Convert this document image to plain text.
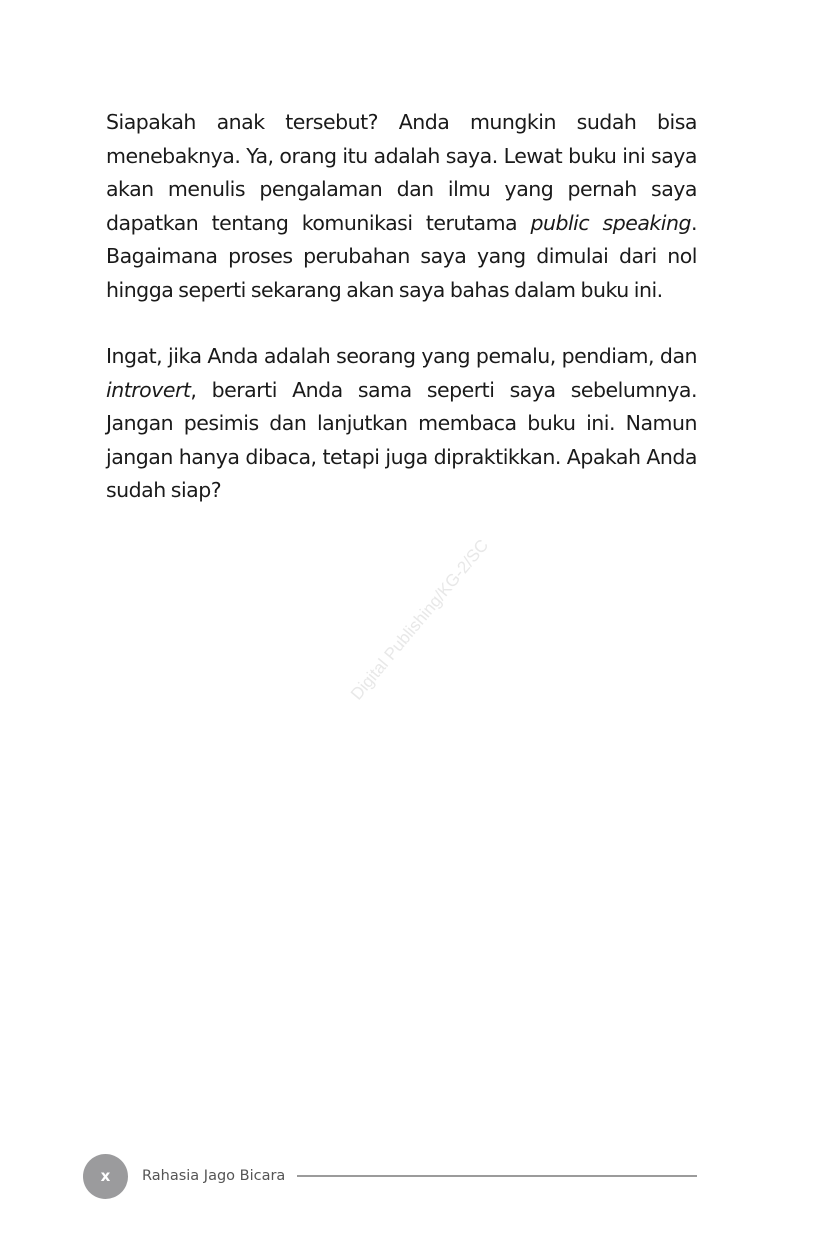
Siapakah anak tersebut? Anda mungkin sudah bisa menebaknya. Ya, orang itu adalah saya. Lewat buku ini saya akan menulis pengalaman dan ilmu yang pernah saya dapatkan tentang komunikasi terutama public speaking. Bagaimana proses perubahan saya yang dimulai dari nol hingga seperti sekarang akan saya bahas dalam buku ini.

Ingat, jika Anda adalah seorang yang pemalu, pendiam, dan introvert, berarti Anda sama seperti saya sebelumnya. Jangan pesimis dan lanjutkan membaca buku ini. Namun jangan hanya dibaca, tetapi juga dipraktikkan. Apakah Anda sudah siap?

Digital Publishing/KG-2/SC
x	Rahasia Jago Bicara
